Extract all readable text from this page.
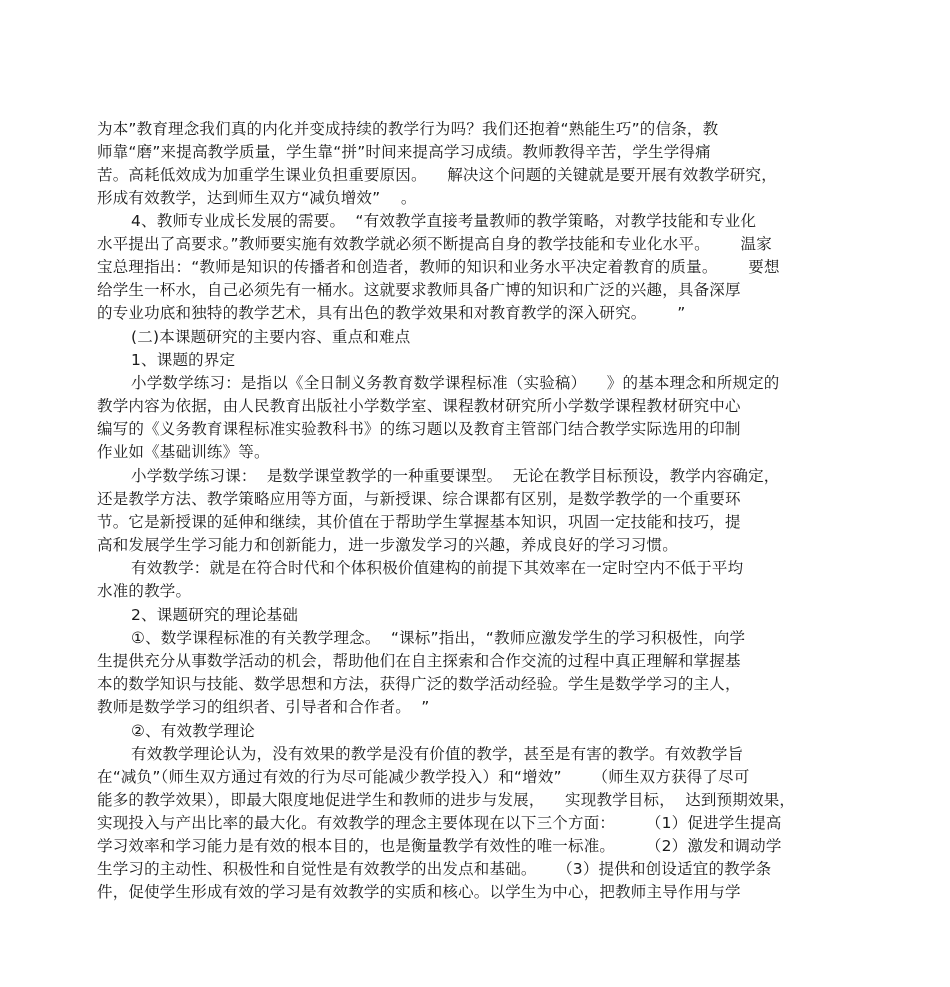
为本”教育理念我们真的内化并变成持续的教学行为吗？我们还抱着“熟能生巧”的信条，教
师靠“磨”来提高教学质量，学生靠“拼”时间来提高学习成绩。教师教得辛苦，学生学得痛
苦。高耗低效成为加重学生课业负担重要原因。    解决这个问题的关键就是要开展有效教学研究，
形成有效教学，达到师生双方“减负增效”    。
4、教师专业成长发展的需要。  “有效教学直接考量教师的教学策略，对教学技能和专业化
水平提出了高要求。”教师要实施有效教学就必须不断提高自身的教学技能和专业化水平。      温家
宝总理指出：“教师是知识的传播者和创造者，教师的知识和业务水平决定着教育的质量。      要想
给学生一杯水，自己必须先有一桶水。这就要求教师具备广博的知识和广泛的兴趣，具备深厚
的专业功底和独特的教学艺术，具有出色的教学效果和对教育教学的深入研究。      ”
(二)本课题研究的主要内容、重点和难点
1、课题的界定
小学数学练习：是指以《全日制义务教育数学课程标准（实验稿）    》的基本理念和所规定的
教学内容为依据，由人民教育出版社小学数学室、课程教材研究所小学数学课程教材研究中心
编写的《义务教育课程标准实验教科书》的练习题以及教育主管部门结合教学实际选用的印制
作业如《基础训练》等。
小学数学练习课：  是数学课堂教学的一种重要课型。  无论在教学目标预设，教学内容确定，
还是教学方法、教学策略应用等方面，与新授课、综合课都有区别，是数学教学的一个重要环
节。它是新授课的延伸和继续，其价值在于帮助学生掌握基本知识，巩固一定技能和技巧，提
高和发展学生学习能力和创新能力，进一步激发学习的兴趣，养成良好的学习习惯。
有效教学：就是在符合时代和个体积极价值建构的前提下其效率在一定时空内不低于平均
水准的教学。
2、课题研究的理论基础
①、数学课程标准的有关教学理念。  “课标”指出，“教师应激发学生的学习积极性，向学
生提供充分从事数学活动的机会，帮助他们在自主探索和合作交流的过程中真正理解和掌握基
本的数学知识与技能、数学思想和方法，获得广泛的数学活动经验。学生是数学学习的主人，
教师是数学学习的组织者、引导者和合作者。  ”
②、有效教学理论
有效教学理论认为，没有效果的教学是没有价值的教学，甚至是有害的教学。有效教学旨
在“减负”（师生双方通过有效的行为尽可能减少教学投入）和“增效”      （师生双方获得了尽可
能多的教学效果），即最大限度地促进学生和教师的进步与发展，    实现教学目标，  达到预期效果，
实现投入与产出比率的最大化。有效教学的理念主要体现在以下三个方面：      （1）促进学生提高
学习效率和学习能力是有效的根本目的，也是衡量教学有效性的唯一标准。      （2）激发和调动学
生学习的主动性、积极性和自觉性是有效教学的出发点和基础。    （3）提供和创设适宜的教学条
件，促使学生形成有效的学习是有效教学的实质和核心。以学生为中心，把教师主导作用与学
